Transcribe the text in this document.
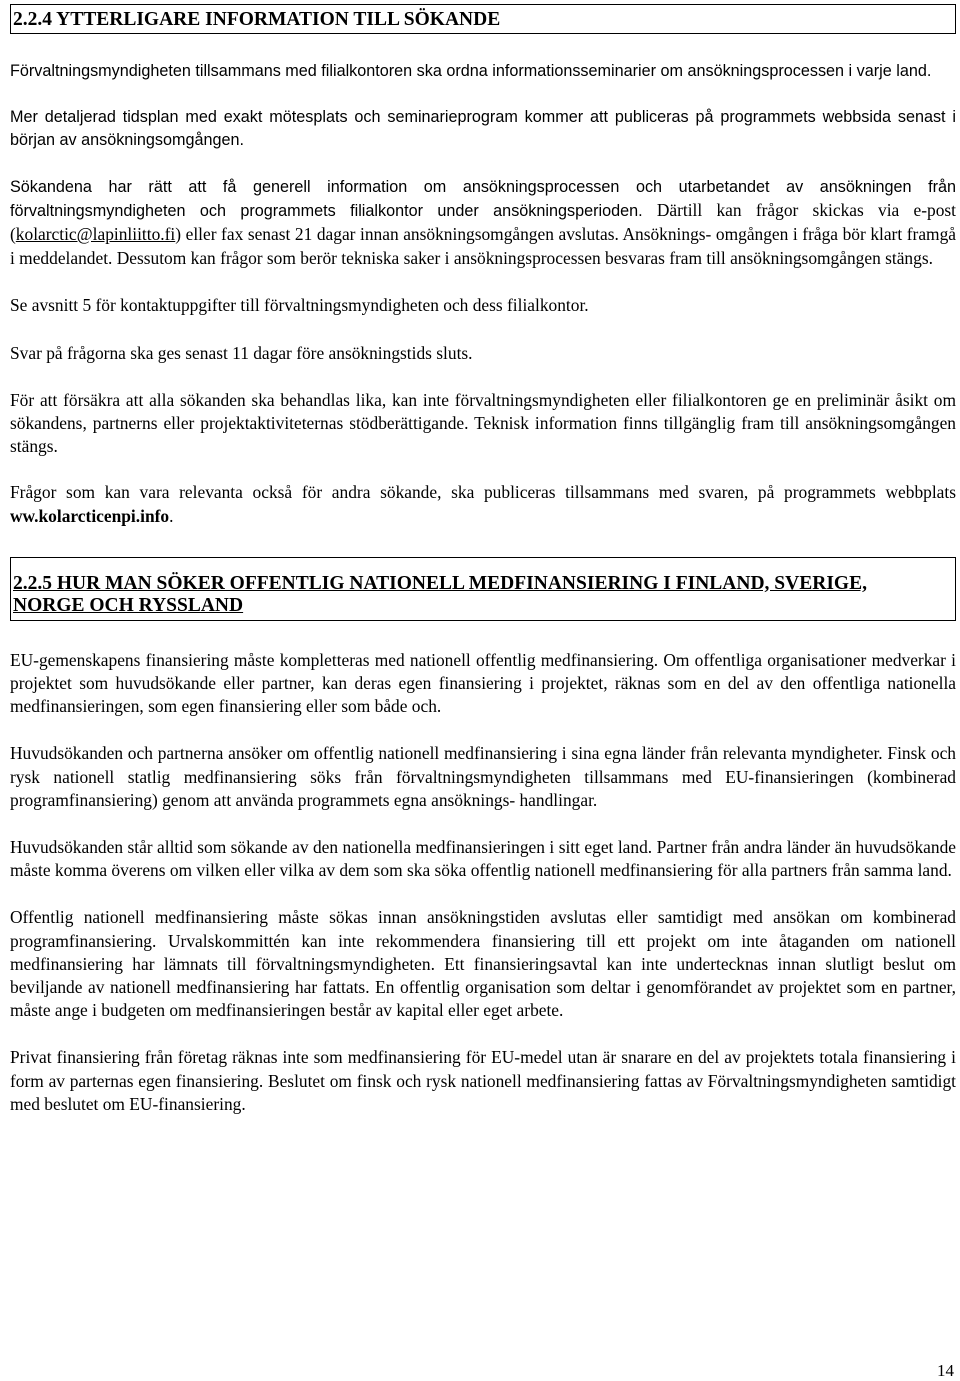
2.2.4 YTTERLIGARE INFORMATION TILL SÖKANDE

Förvaltningsmyndigheten tillsammans med filialkontoren ska ordna informationsseminarier om ansökningsprocessen i varje land.

Mer detaljerad tidsplan med exakt mötesplats och seminarieprogram kommer att publiceras på programmets webbsida senast i början av ansökningsomgången.

Sökandena har rätt att få generell information om ansökningsprocessen och utarbetandet av ansökningen från förvaltningsmyndigheten och programmets filialkontor under ansökningsperioden. Därtill kan frågor skickas via e-post (kolarctic@lapinliitto.fi) eller fax senast 21 dagar innan ansökningsomgången avslutas. Ansöknings- omgången i fråga bör klart framgå i meddelandet. Dessutom kan frågor som berör tekniska saker i ansökningsprocessen besvaras fram till ansökningsomgången stängs.

Se avsnitt 5 för kontaktuppgifter till förvaltningsmyndigheten och dess filialkontor.

Svar på frågorna ska ges senast 11 dagar före ansökningstids sluts.

För att försäkra att alla sökanden ska behandlas lika, kan inte förvaltningsmyndigheten eller filialkontoren ge en preliminär åsikt om sökandens, partnerns eller projektaktiviteternas stödberättigande. Teknisk information finns tillgänglig fram till ansökningsomgången stängs.

Frågor som kan vara relevanta också för andra sökande, ska publiceras tillsammans med svaren, på programmets webbplats ww.kolarcticenpi.info.

2.2.5 HUR MAN SÖKER OFFENTLIG NATIONELL MEDFINANSIERING I FINLAND, SVERIGE,
NORGE OCH RYSSLAND

EU-gemenskapens finansiering måste kompletteras med nationell offentlig medfinansiering. Om offentliga organisationer medverkar i projektet som huvudsökande eller partner, kan deras egen finansiering i projektet, räknas som en del av den offentliga nationella medfinansieringen, som egen finansiering eller som både och.

Huvudsökanden och partnerna ansöker om offentlig nationell medfinansiering i sina egna länder från relevanta myndigheter. Finsk och rysk nationell statlig medfinansiering söks från förvaltningsmyndigheten tillsammans med EU-finansieringen (kombinerad programfinansiering) genom att använda programmets egna ansöknings- handlingar.

Huvudsökanden står alltid som sökande av den nationella medfinansieringen i sitt eget land. Partner från andra länder än huvudsökande måste komma överens om vilken eller vilka av dem som ska söka offentlig nationell medfinansiering för alla partners från samma land.

Offentlig nationell medfinansiering måste sökas innan ansökningstiden avslutas eller samtidigt med ansökan om kombinerad programfinansiering. Urvalskommittén kan inte rekommendera finansiering till ett projekt om inte åtaganden om nationell medfinansiering har lämnats till förvaltningsmyndigheten. Ett finansieringsavtal kan inte undertecknas innan slutligt beslut om beviljande av nationell medfinansiering har fattats. En offentlig organisation som deltar i genomförandet av projektet som en partner, måste ange i budgeten om medfinansieringen består av kapital eller eget arbete.

Privat finansiering från företag räknas inte som medfinansiering för EU-medel utan är snarare en del av projektets totala finansiering i form av parternas egen finansiering. Beslutet om finsk och rysk nationell medfinansiering fattas av Förvaltningsmyndigheten samtidigt med beslutet om EU-finansiering.

14
